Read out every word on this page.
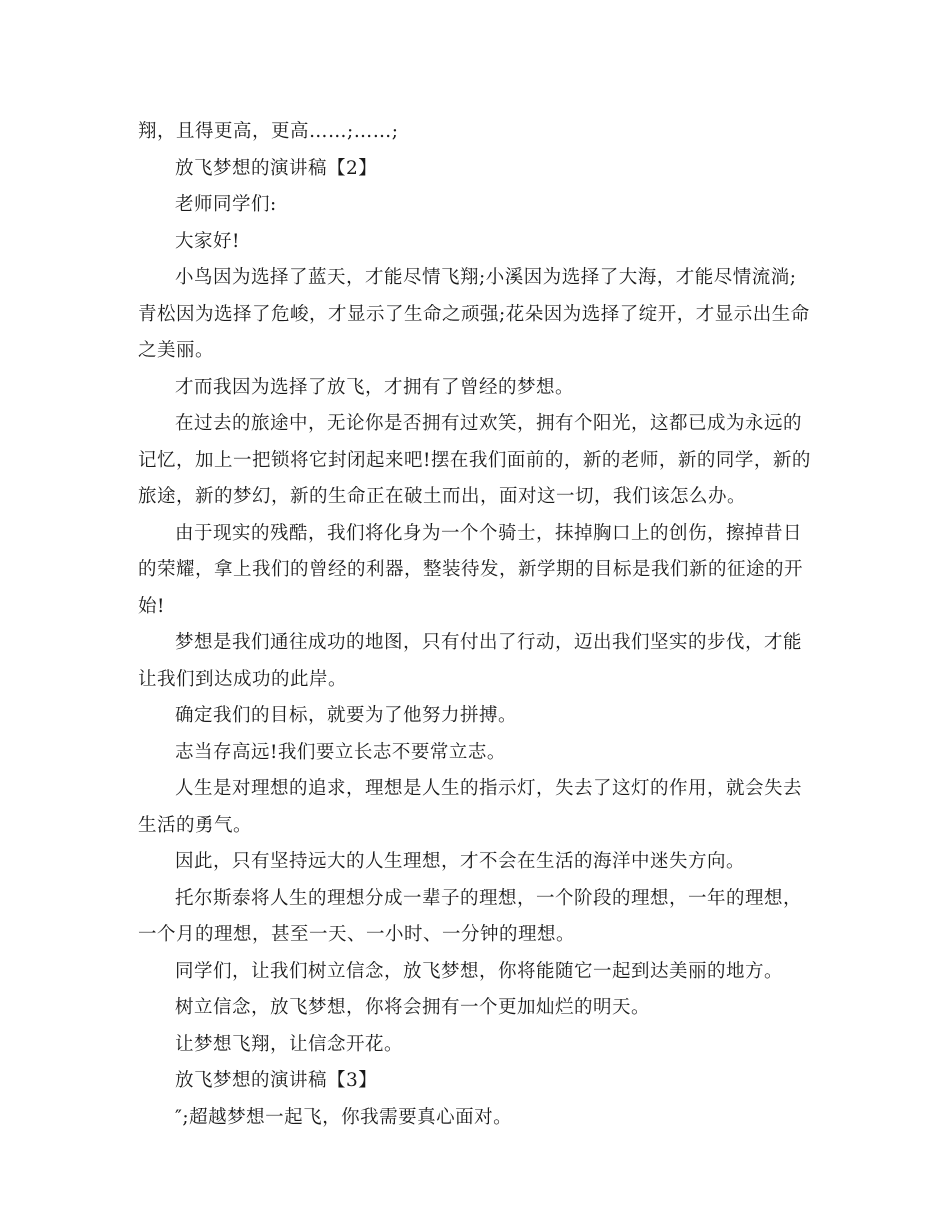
翔，且得更高，更高……;……;

放飞梦想的演讲稿【2】

老师同学们:

大家好!

小鸟因为选择了蓝天，才能尽情飞翔;小溪因为选择了大海，才能尽情流淌;青松因为选择了危峻，才显示了生命之顽强;花朵因为选择了绽开，才显示出生命之美丽。

才而我因为选择了放飞，才拥有了曾经的梦想。

在过去的旅途中，无论你是否拥有过欢笑，拥有个阳光，这都已成为永远的记忆，加上一把锁将它封闭起来吧!摆在我们面前的，新的老师，新的同学，新的旅途，新的梦幻，新的生命正在破土而出，面对这一切，我们该怎么办。

由于现实的残酷，我们将化身为一个个骑士，抹掉胸口上的创伤，擦掉昔日的荣耀，拿上我们的曾经的利器，整装待发，新学期的目标是我们新的征途的开始!

梦想是我们通往成功的地图，只有付出了行动，迈出我们坚实的步伐，才能让我们到达成功的此岸。

确定我们的目标，就要为了他努力拼搏。

志当存高远!我们要立长志不要常立志。

人生是对理想的追求，理想是人生的指示灯，失去了这灯的作用，就会失去生活的勇气。

因此，只有坚持远大的人生理想，才不会在生活的海洋中迷失方向。

托尔斯泰将人生的理想分成一辈子的理想，一个阶段的理想，一年的理想，一个月的理想，甚至一天、一小时、一分钟的理想。

同学们，让我们树立信念，放飞梦想，你将能随它一起到达美丽的地方。

树立信念，放飞梦想，你将会拥有一个更加灿烂的明天。

让梦想飞翔，让信念开花。

放飞梦想的演讲稿【3】

″;超越梦想一起飞，你我需要真心面对。
